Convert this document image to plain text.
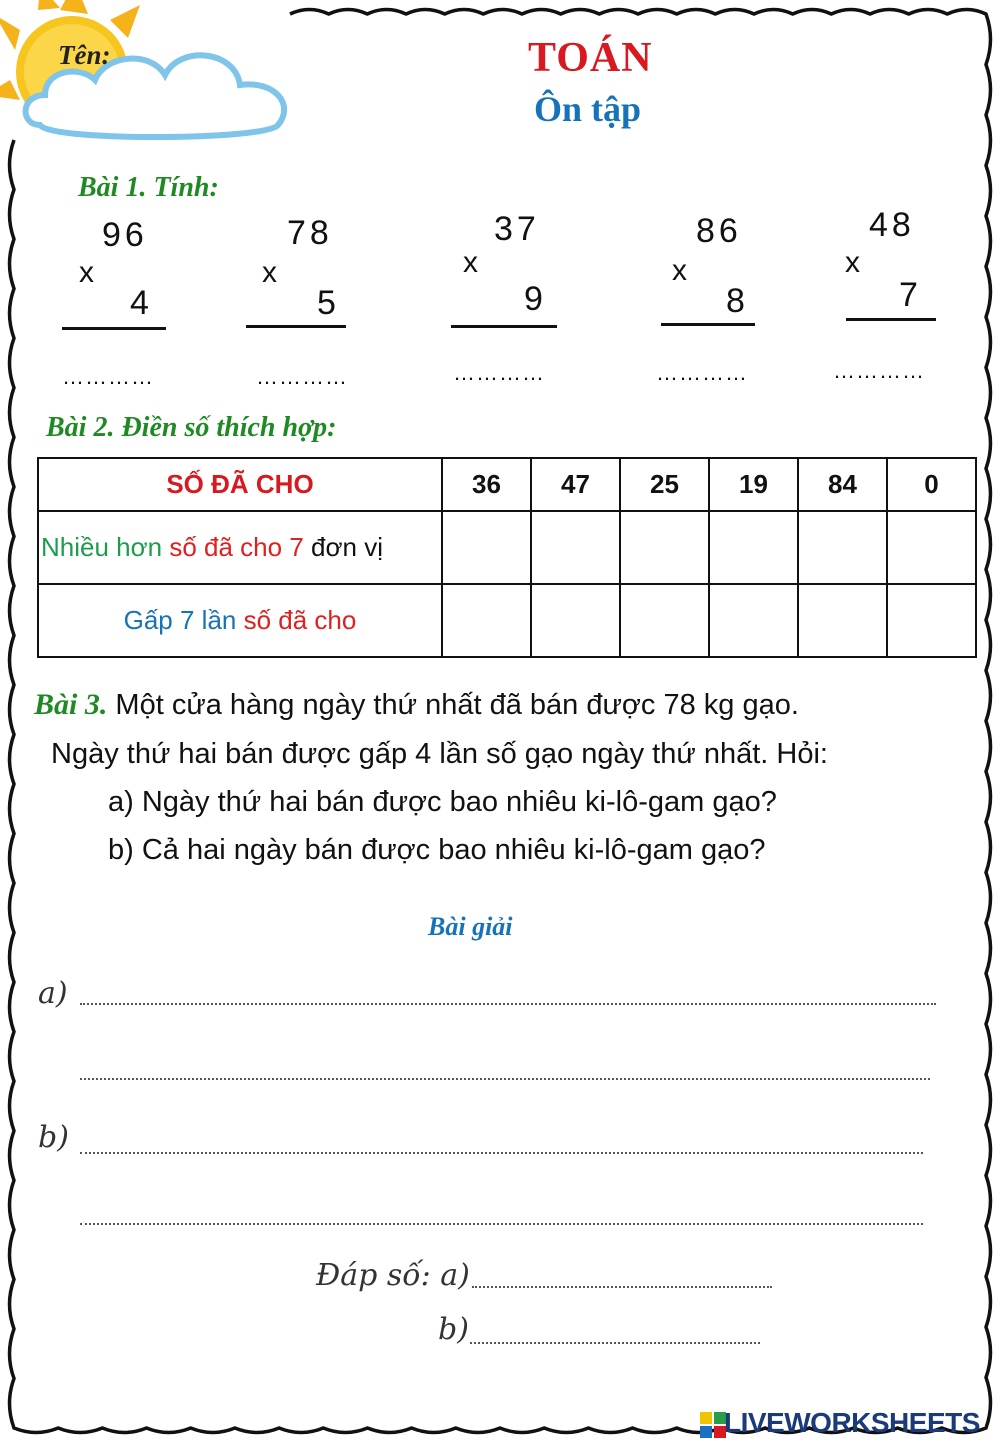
Tên:	TOÁN
Ôn tập
Bài 1. Tính:
96
x
4
…………
78
x
5
…………
37
x
9
…………
86
x
8
…………
48
x
7
…………
Bài 2. Điền số thích hợp:
SỐ ĐÃ CHO	36	47	25	19	84	0
Nhiều hơn số đã cho 7 đơn vị						
Gấp 7 lần số đã cho						
Bài 3. Một cửa hàng ngày thứ nhất đã bán được 78 kg gạo.
Ngày thứ hai bán được gấp 4 lần số gạo ngày thứ nhất. Hỏi:
a) Ngày thứ hai bán được bao nhiêu ki-lô-gam gạo?
b) Cả hai ngày bán được bao nhiêu ki-lô-gam gạo?
Bài giải
a)
b)
Đáp số: a)
b)
LIVEWORKSHEETS
